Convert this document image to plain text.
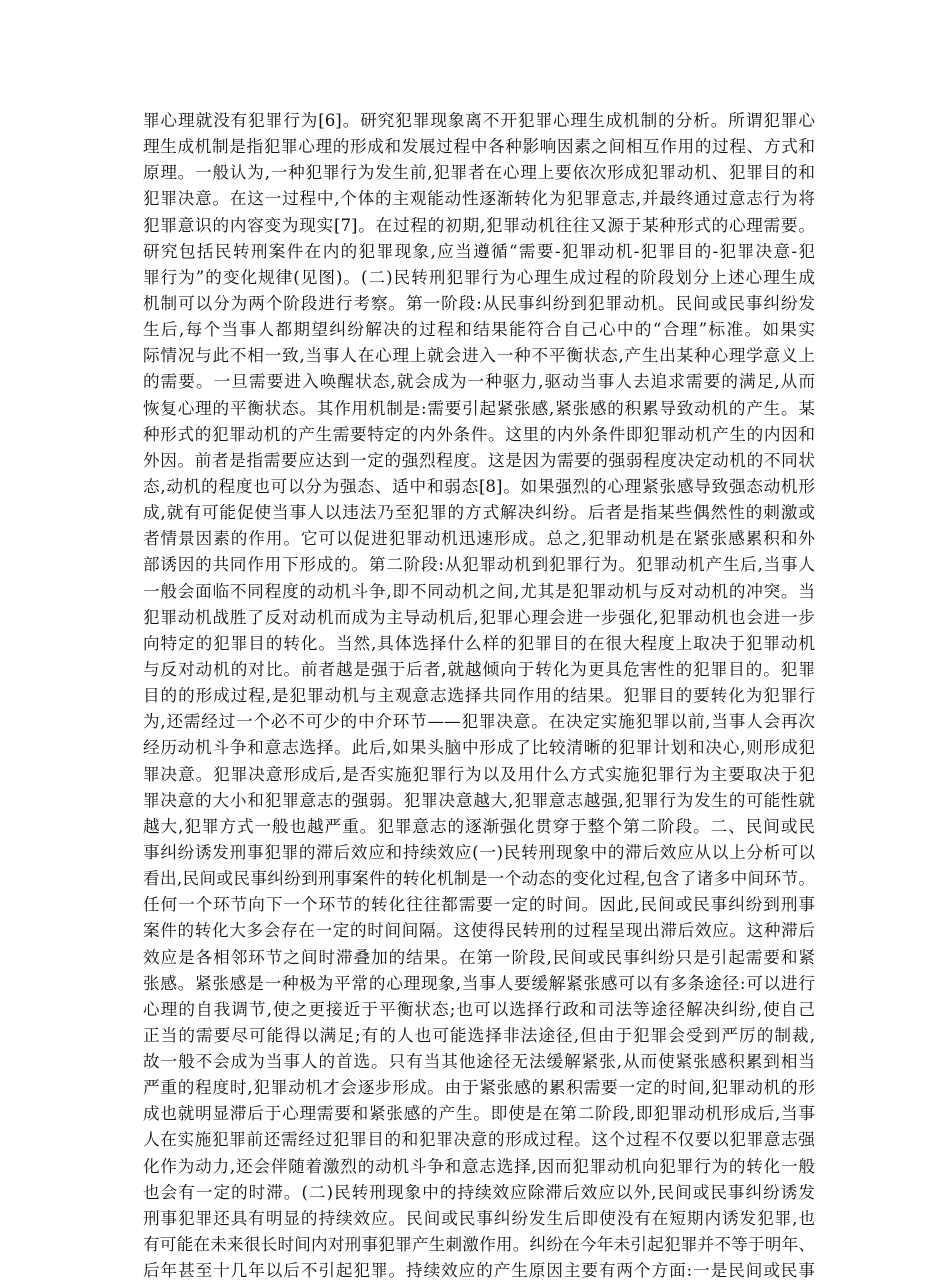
罪心理就没有犯罪行为[6]。研究犯罪现象离不开犯罪心理生成机制的分析。所谓犯罪心
理生成机制是指犯罪心理的形成和发展过程中各种影响因素之间相互作用的过程、方式和
原理。一般认为,一种犯罪行为发生前,犯罪者在心理上要依次形成犯罪动机、犯罪目的和
犯罪决意。在这一过程中,个体的主观能动性逐渐转化为犯罪意志,并最终通过意志行为将
犯罪意识的内容变为现实[7]。在过程的初期,犯罪动机往往又源于某种形式的心理需要。
研究包括民转刑案件在内的犯罪现象,应当遵循“需要-犯罪动机-犯罪目的-犯罪决意-犯
罪行为”的变化规律(见图)。(二)民转刑犯罪行为心理生成过程的阶段划分上述心理生成
机制可以分为两个阶段进行考察。第一阶段:从民事纠纷到犯罪动机。民间或民事纠纷发
生后,每个当事人都期望纠纷解决的过程和结果能符合自己心中的“合理”标准。如果实
际情况与此不相一致,当事人在心理上就会进入一种不平衡状态,产生出某种心理学意义上
的需要。一旦需要进入唤醒状态,就会成为一种驱力,驱动当事人去追求需要的满足,从而
恢复心理的平衡状态。其作用机制是:需要引起紧张感,紧张感的积累导致动机的产生。某
种形式的犯罪动机的产生需要特定的内外条件。这里的内外条件即犯罪动机产生的内因和
外因。前者是指需要应达到一定的强烈程度。这是因为需要的强弱程度决定动机的不同状
态,动机的程度也可以分为强态、适中和弱态[8]。如果强烈的心理紧张感导致强态动机形
成,就有可能促使当事人以违法乃至犯罪的方式解决纠纷。后者是指某些偶然性的刺激或
者情景因素的作用。它可以促进犯罪动机迅速形成。总之,犯罪动机是在紧张感累积和外
部诱因的共同作用下形成的。第二阶段:从犯罪动机到犯罪行为。犯罪动机产生后,当事人
一般会面临不同程度的动机斗争,即不同动机之间,尤其是犯罪动机与反对动机的冲突。当
犯罪动机战胜了反对动机而成为主导动机后,犯罪心理会进一步强化,犯罪动机也会进一步
向特定的犯罪目的转化。当然,具体选择什么样的犯罪目的在很大程度上取决于犯罪动机
与反对动机的对比。前者越是强于后者,就越倾向于转化为更具危害性的犯罪目的。犯罪
目的的形成过程,是犯罪动机与主观意志选择共同作用的结果。犯罪目的要转化为犯罪行
为,还需经过一个必不可少的中介环节——犯罪决意。在决定实施犯罪以前,当事人会再次
经历动机斗争和意志选择。此后,如果头脑中形成了比较清晰的犯罪计划和决心,则形成犯
罪决意。犯罪决意形成后,是否实施犯罪行为以及用什么方式实施犯罪行为主要取决于犯
罪决意的大小和犯罪意志的强弱。犯罪决意越大,犯罪意志越强,犯罪行为发生的可能性就
越大,犯罪方式一般也越严重。犯罪意志的逐渐强化贯穿于整个第二阶段。二、民间或民
事纠纷诱发刑事犯罪的滞后效应和持续效应(一)民转刑现象中的滞后效应从以上分析可以
看出,民间或民事纠纷到刑事案件的转化机制是一个动态的变化过程,包含了诸多中间环节。
任何一个环节向下一个环节的转化往往都需要一定的时间。因此,民间或民事纠纷到刑事
案件的转化大多会存在一定的时间间隔。这使得民转刑的过程呈现出滞后效应。这种滞后
效应是各相邻环节之间时滞叠加的结果。在第一阶段,民间或民事纠纷只是引起需要和紧
张感。紧张感是一种极为平常的心理现象,当事人要缓解紧张感可以有多条途径:可以进行
心理的自我调节,使之更接近于平衡状态;也可以选择行政和司法等途径解决纠纷,使自己
正当的需要尽可能得以满足;有的人也可能选择非法途径,但由于犯罪会受到严厉的制裁,
故一般不会成为当事人的首选。只有当其他途径无法缓解紧张,从而使紧张感积累到相当
严重的程度时,犯罪动机才会逐步形成。由于紧张感的累积需要一定的时间,犯罪动机的形
成也就明显滞后于心理需要和紧张感的产生。即使是在第二阶段,即犯罪动机形成后,当事
人在实施犯罪前还需经过犯罪目的和犯罪决意的形成过程。这个过程不仅要以犯罪意志强
化作为动力,还会伴随着激烈的动机斗争和意志选择,因而犯罪动机向犯罪行为的转化一般
也会有一定的时滞。(二)民转刑现象中的持续效应除滞后效应以外,民间或民事纠纷诱发
刑事犯罪还具有明显的持续效应。民间或民事纠纷发生后即使没有在短期内诱发犯罪,也
有可能在未来很长时间内对刑事犯罪产生刺激作用。纠纷在今年未引起犯罪并不等于明年、
后年甚至十几年以后不引起犯罪。持续效应的产生原因主要有两个方面:一是民间或民事
